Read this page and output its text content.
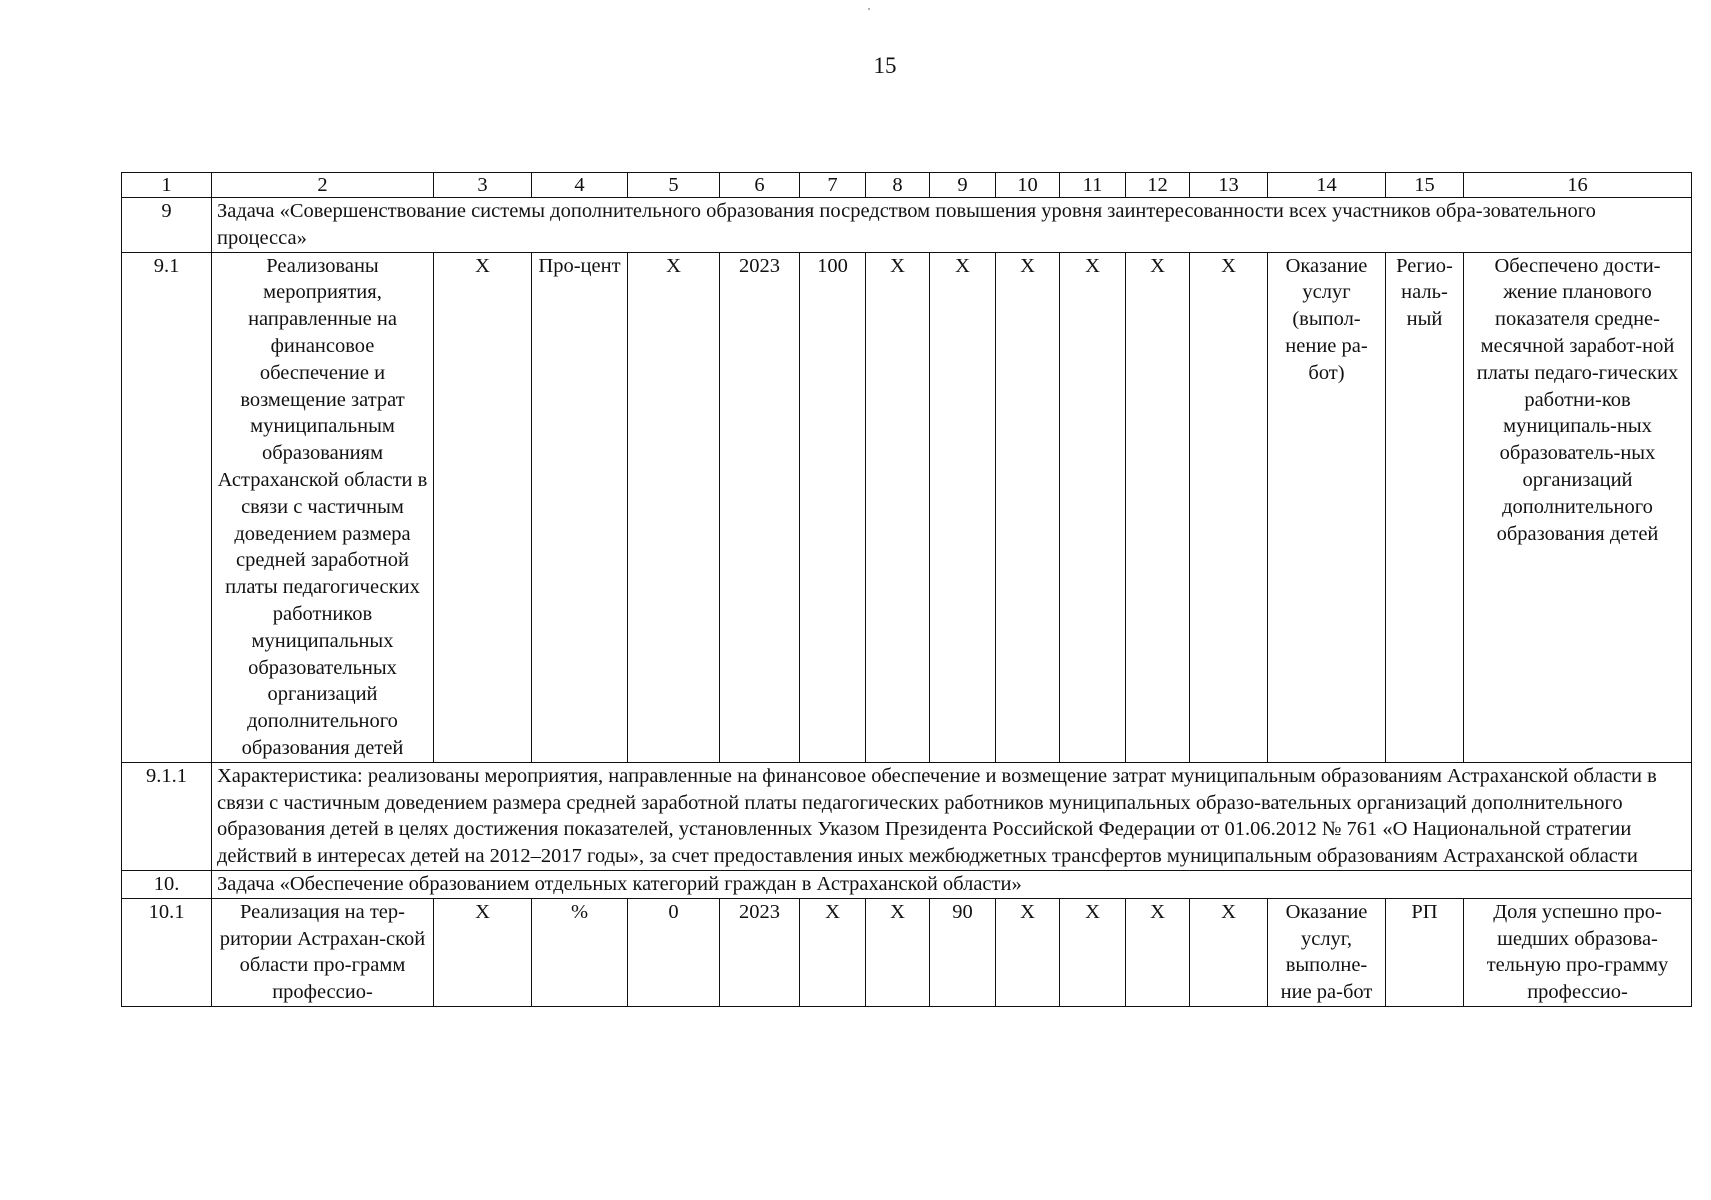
15
1	2	3	4	5	6	7	8	9	10	11	12	13	14	15	16
9	Задача «Совершенствование системы дополнительного образования посредством повышения уровня заинтересованности всех участников обра-зовательного процесса»														
9.1	Реализованы мероприятия, направленные на финансовое обеспечение и возмещение затрат муниципальным образованиям Астраханской области в связи с частичным доведением размера средней заработной платы педагогических работников муниципальных образовательных организаций дополнительного образования детей	Х	Про-цент	Х	2023	100	Х	Х	Х	Х	Х	Х	Оказание услуг (выпол-нение ра-бот)	Регио-наль-ный	Обеспечено дости-жение планового показателя средне-месячной заработ-ной платы педаго-гических работни-ков муниципаль-ных образователь-ных организаций дополнительного образования детей
9.1.1	Характеристика: реализованы мероприятия, направленные на финансовое обеспечение и возмещение затрат муниципальным образованиям Астраханской области в связи с частичным доведением размера средней заработной платы педагогических работников муниципальных образо-вательных организаций дополнительного образования детей в целях достижения показателей, установленных Указом Президента Российской Федерации от 01.06.2012 № 761 «О Национальной стратегии действий в интересах детей на 2012–2017 годы», за счет предоставления иных межбюджетных трансфертов муниципальным образованиям Астраханской области														
10.	Задача «Обеспечение образованием отдельных категорий граждан в Астраханской области»														
10.1	Реализация на тер-ритории Астрахан-ской области про-грамм профессио-	Х	%	0	2023	Х	Х	90	Х	Х	Х	Х	Оказание услуг, выполне-ние ра-бот	РП	Доля успешно про-шедших образова-тельную про-грамму профессио-
